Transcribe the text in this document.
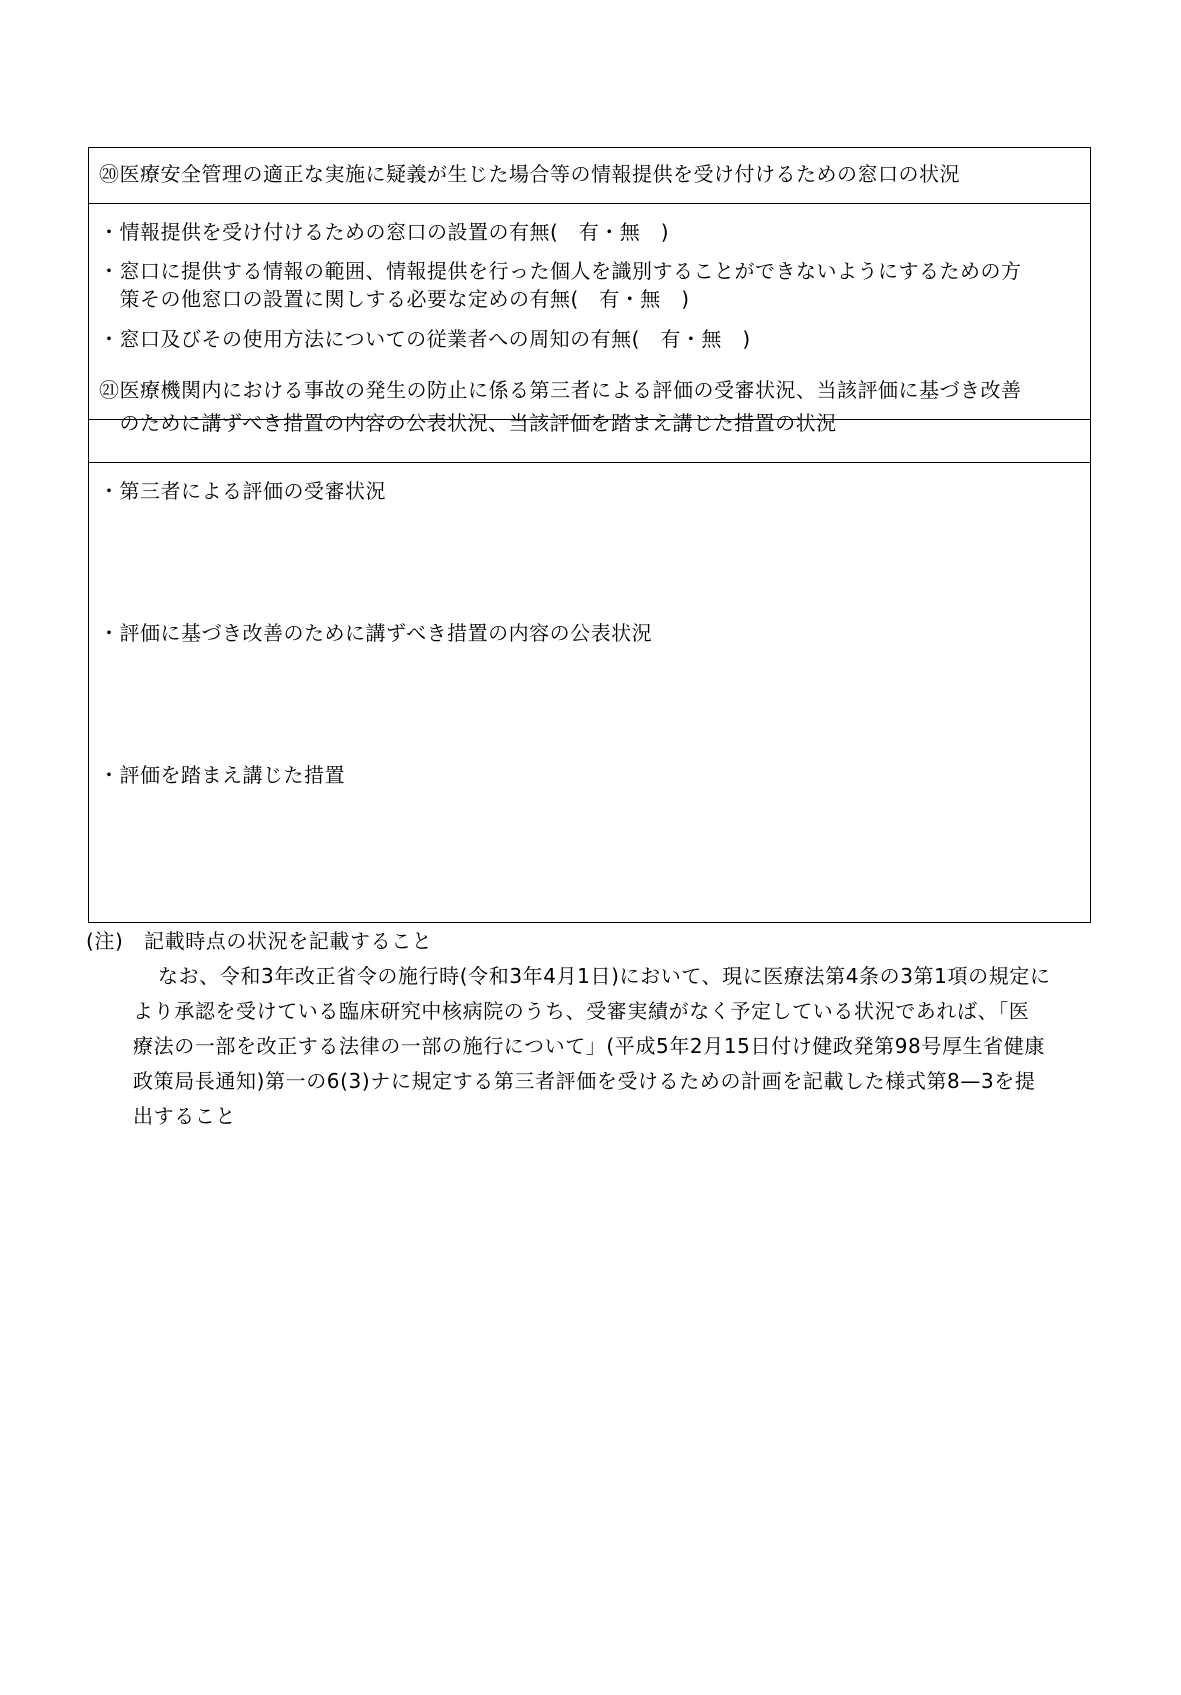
⑳医療安全管理の適正な実施に疑義が生じた場合等の情報提供を受け付けるための窓口の状況
・情報提供を受け付けるための窓口の設置の有無(　有・無　)
・窓口に提供する情報の範囲、情報提供を行った個人を識別することができないようにするための方
　策その他窓口の設置に関しする必要な定めの有無(　有・無　)
・窓口及びその使用方法についての従業者への周知の有無(　有・無　)
㉑医療機関内における事故の発生の防止に係る第三者による評価の受審状況、当該評価に基づき改善
　のために講ずべき措置の内容の公表状況、当該評価を踏まえ講じた措置の状況
・第三者による評価の受審状況
・評価に基づき改善のために講ずべき措置の内容の公表状況
・評価を踏まえ講じた措置
(注)　記載時点の状況を記載すること
なお、令和3年改正省令の施行時(令和3年4月1日)において、現に医療法第4条の3第1項の規定に
より承認を受けている臨床研究中核病院のうち、受審実績がなく予定している状況であれば、「医
療法の一部を改正する法律の一部の施行について」(平成5年2月15日付け健政発第98号厚生省健康
政策局長通知)第一の6(3)ナに規定する第三者評価を受けるための計画を記載した様式第8—3を提
出すること
